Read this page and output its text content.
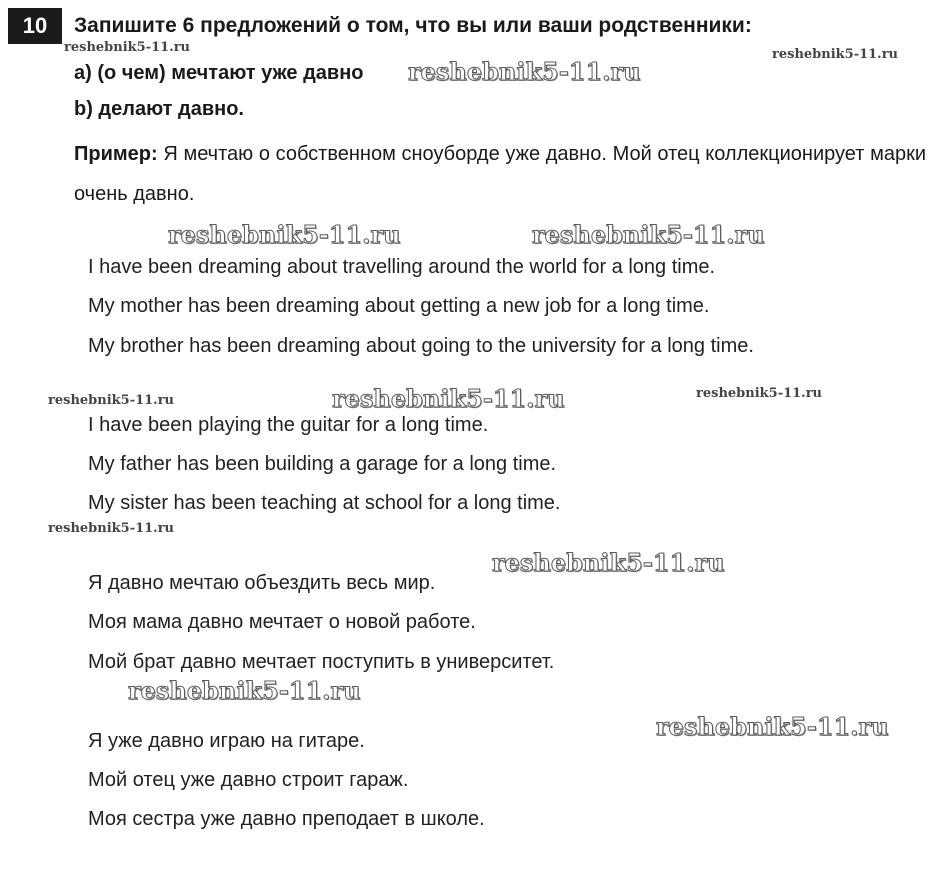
10	Запишите 6 предложений о том, что вы или ваши родственники:
а) (о чем) мечтают уже давно
b) делают давно.
Пример: Я мечтаю о собственном сноуборде уже давно. Мой отец коллекционирует марки очень давно.
I have been dreaming about travelling around the world for a long time.
My mother has been dreaming about getting a new job for a long time.
My brother has been dreaming about going to the university for a long time.
I have been playing the guitar for a long time.
My father has been building a garage for a long time.
My sister has been teaching at school for a long time.
Я давно мечтаю объездить весь мир.
Моя мама давно мечтает о новой работе.
Мой брат давно мечтает поступить в университет.
Я уже давно играю на гитаре.
Мой отец уже давно строит гараж.
Моя сестра уже давно преподает в школе.
reshebnik5-11.ru	reshebnik5-11.ru
reshebnik5-11.ru
reshebnik5-11.ru	reshebnik5-11.ru
reshebnik5-11.ru	reshebnik5-11.ru	reshebnik5-11.ru
reshebnik5-11.ru
reshebnik5-11.ru
reshebnik5-11.ru
reshebnik5-11.ru
